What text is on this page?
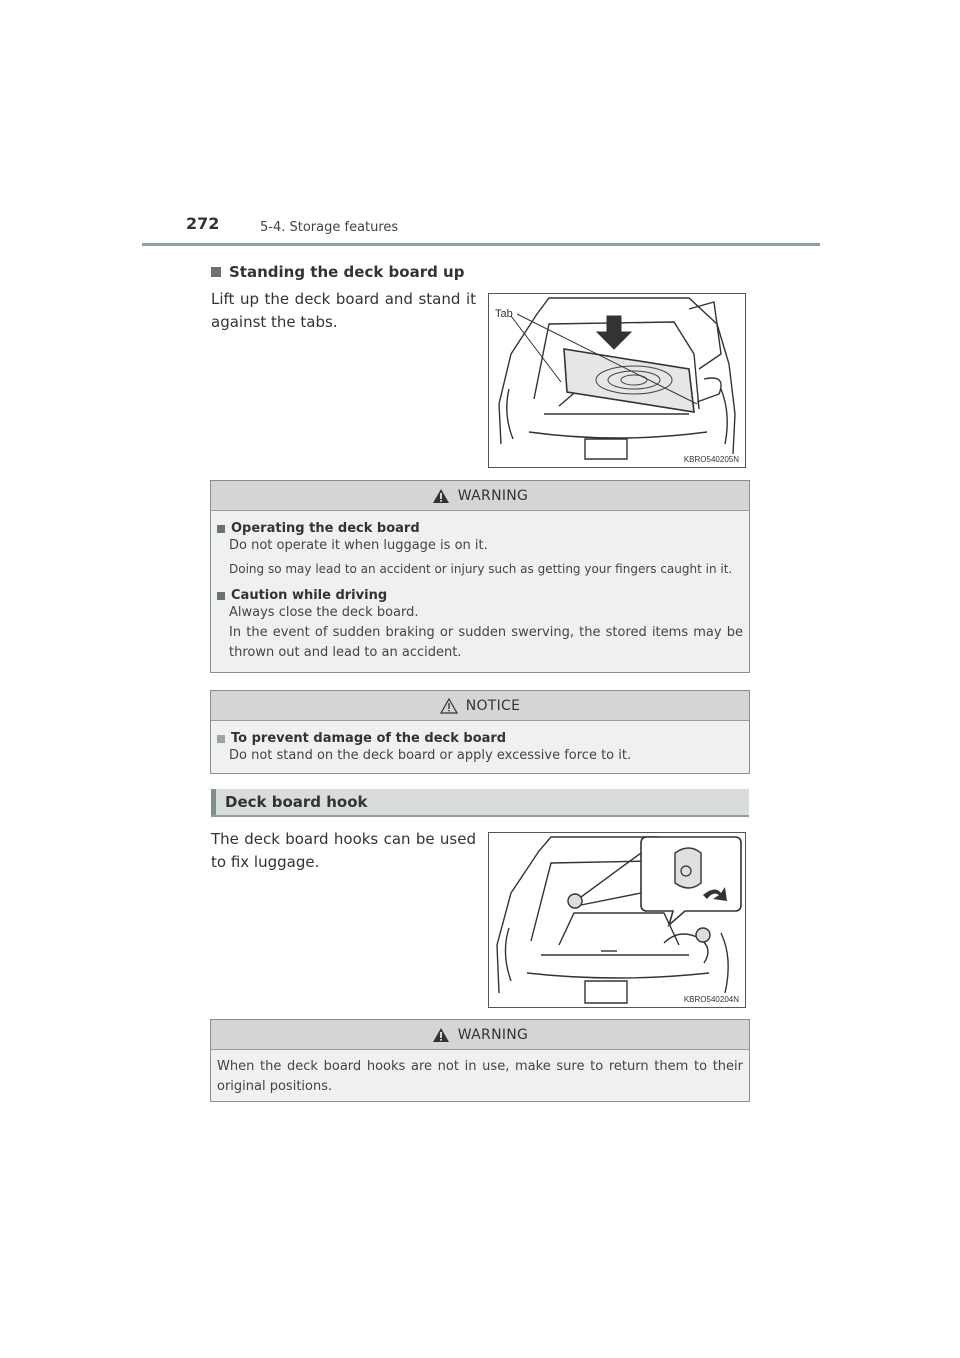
272	5-4. Storage features
Standing the deck board up
Lift up the deck board and stand it against the tabs.	Tab
KBRO540205N
WARNING
Operating the deck board
Do not operate it when luggage is on it.
Doing so may lead to an accident or injury such as getting your fingers caught in it.
Caution while driving
Always close the deck board.
In the event of sudden braking or sudden swerving, the stored items may be thrown out and lead to an accident.
NOTICE
To prevent damage of the deck board
Do not stand on the deck board or apply excessive force to it.
Deck board hook
The deck board hooks can be used to fix luggage.
KBRO540204N
WARNING
When the deck board hooks are not in use, make sure to return them to their original positions.
